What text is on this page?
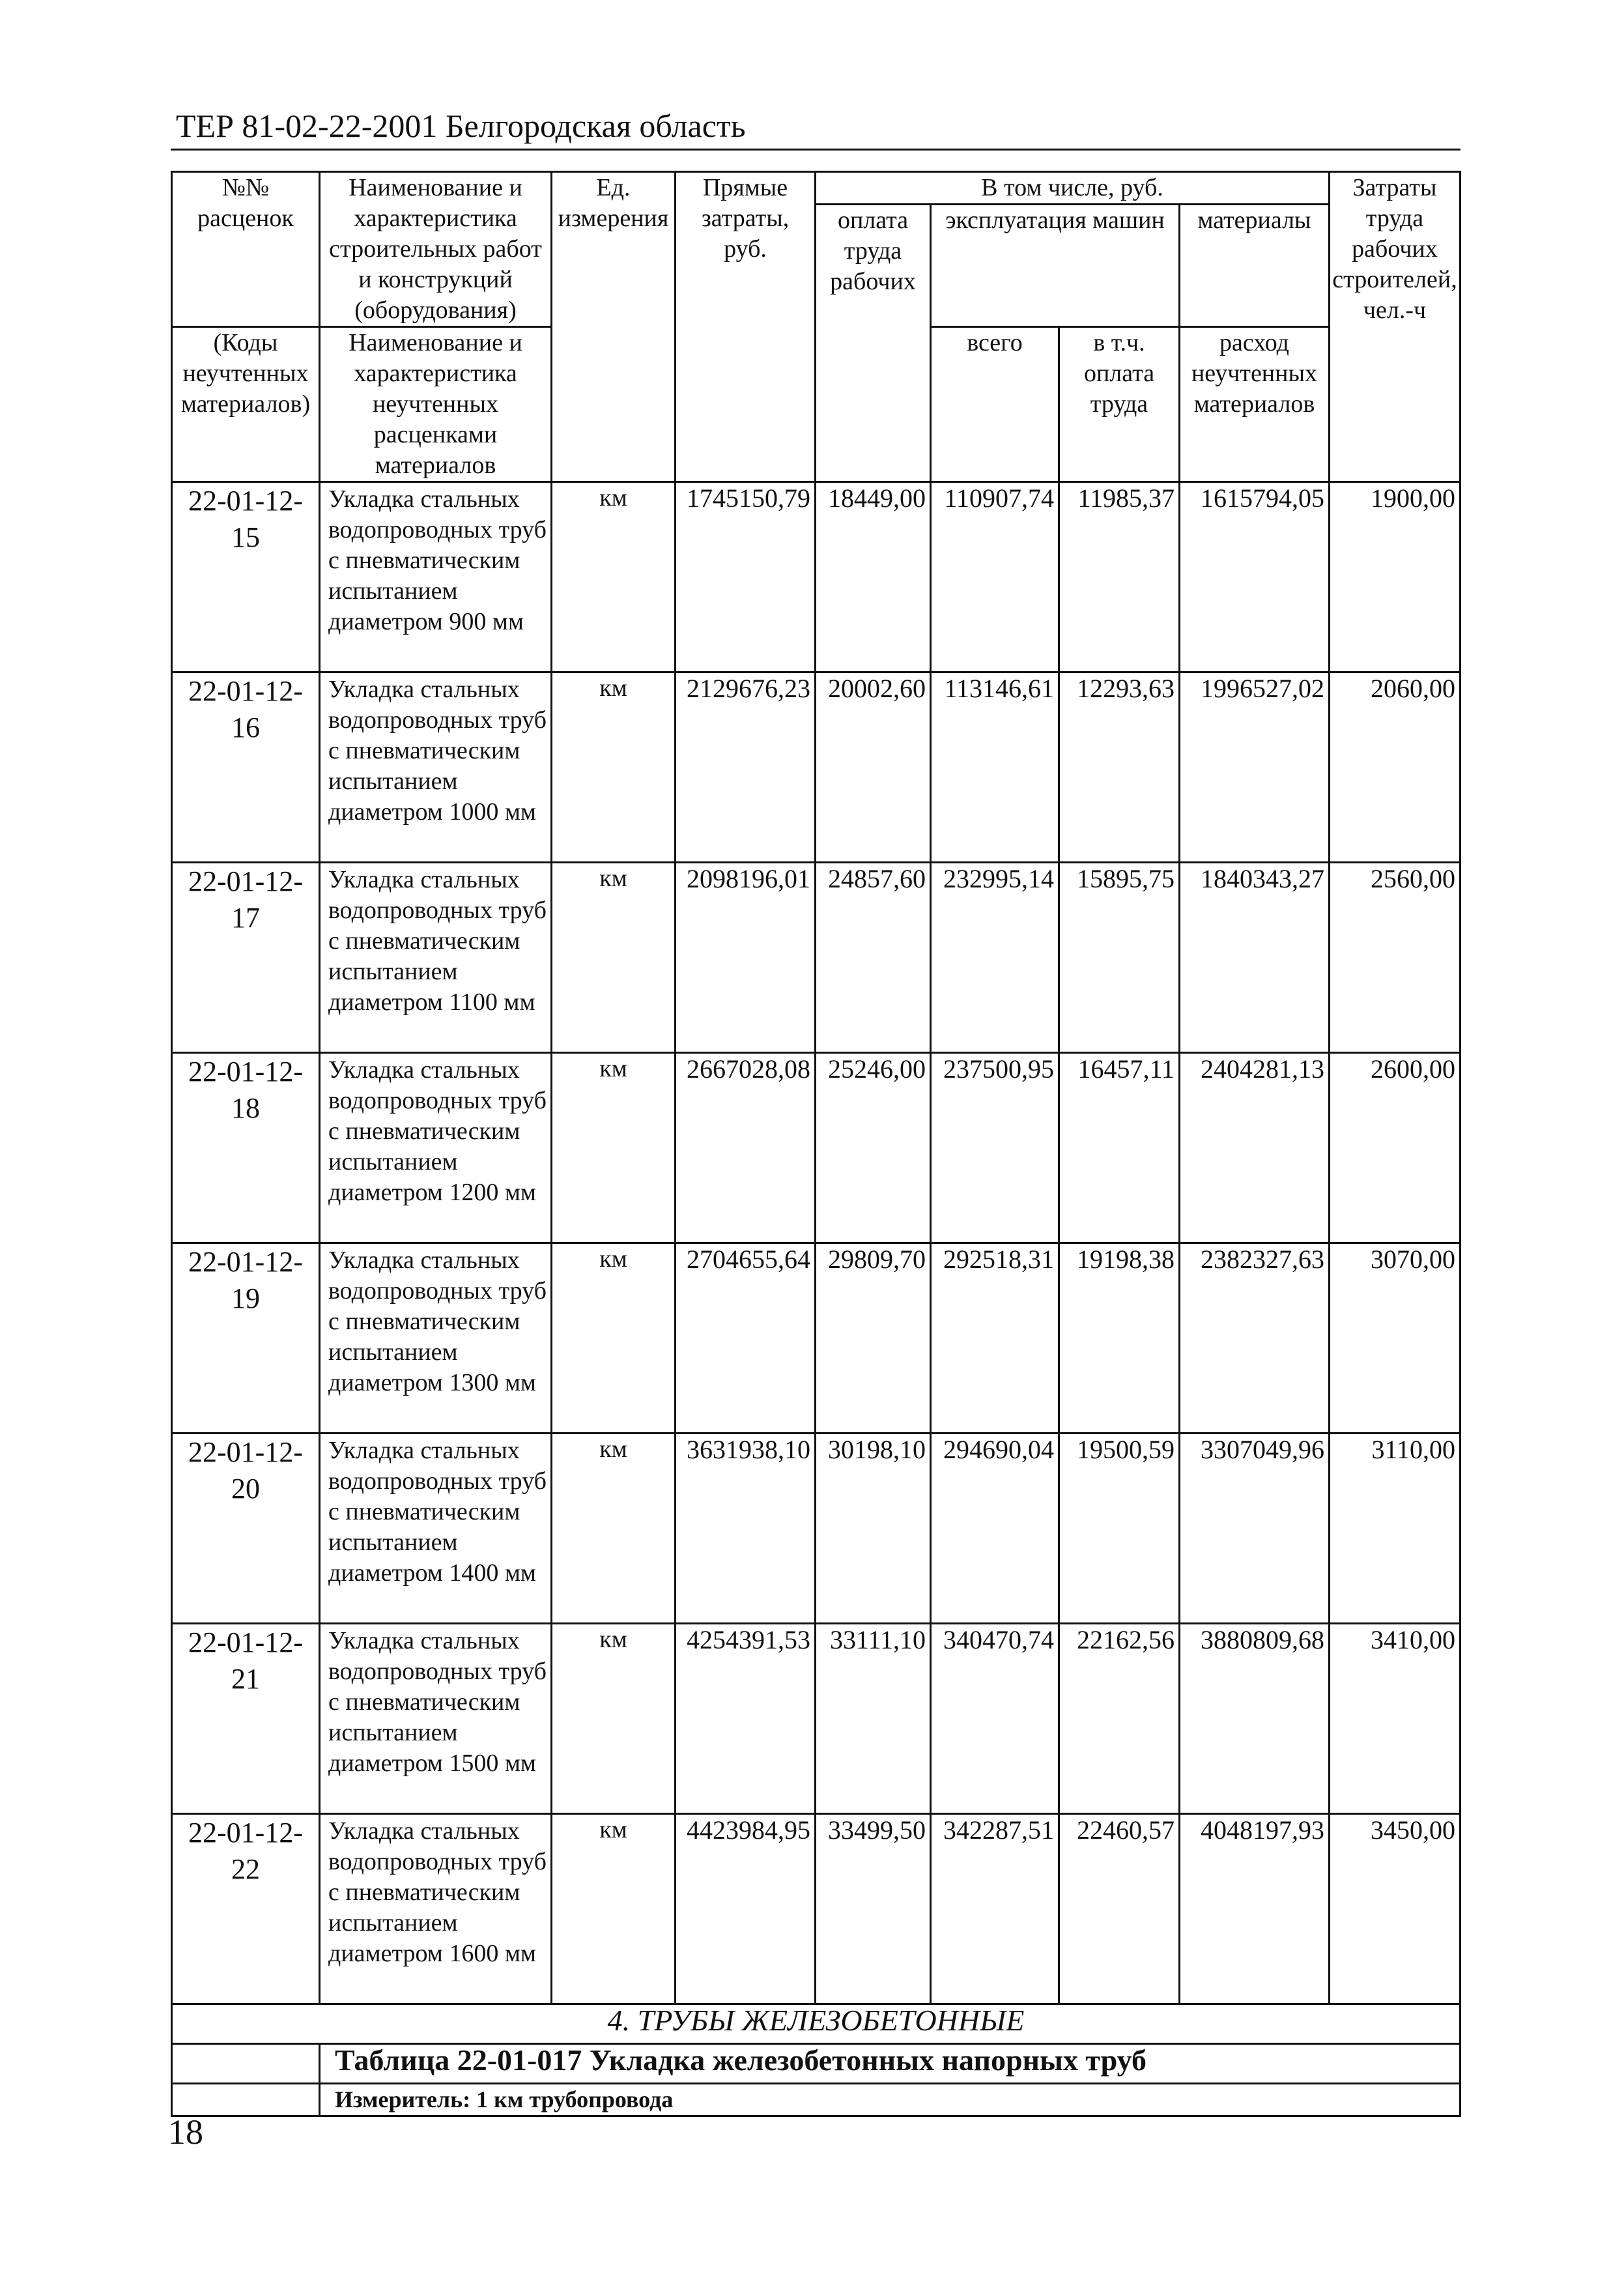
ТЕР 81-02-22-2001 Белгородская область
№№ расценок	Наименование и характеристика строительных работ и конструкций (оборудования)	Ед. измерения	Прямые затраты, руб.	В том числе, руб.				Затраты труда рабочих строителей, чел.-ч
				оплата труда рабочих	эксплуатация машин		материалы	

(Коды неучтенных материалов)	Наименование и характеристика неучтенных расценками материалов				всего	в т.ч. оплата труда	расход неучтенных материалов	

22-01-12-15	Укладка стальных водопроводных труб с пневматическим испытанием диаметром 900 мм	км	1745150,79	18449,00	110907,74	11985,37	1615794,05	1900,00
22-01-12-16	Укладка стальных водопроводных труб с пневматическим испытанием диаметром 1000 мм	км	2129676,23	20002,60	113146,61	12293,63	1996527,02	2060,00
22-01-12-17	Укладка стальных водопроводных труб с пневматическим испытанием диаметром 1100 мм	км	2098196,01	24857,60	232995,14	15895,75	1840343,27	2560,00
22-01-12-18	Укладка стальных водопроводных труб с пневматическим испытанием диаметром 1200 мм	км	2667028,08	25246,00	237500,95	16457,11	2404281,13	2600,00
22-01-12-19	Укладка стальных водопроводных труб с пневматическим испытанием диаметром 1300 мм	км	2704655,64	29809,70	292518,31	19198,38	2382327,63	3070,00
22-01-12-20	Укладка стальных водопроводных труб с пневматическим испытанием диаметром 1400 мм	км	3631938,10	30198,10	294690,04	19500,59	3307049,96	3110,00
22-01-12-21	Укладка стальных водопроводных труб с пневматическим испытанием диаметром 1500 мм	км	4254391,53	33111,10	340470,74	22162,56	3880809,68	3410,00
22-01-12-22	Укладка стальных водопроводных труб с пневматическим испытанием диаметром 1600 мм	км	4423984,95	33499,50	342287,51	22460,57	4048197,93	3450,00
4. ТРУБЫ ЖЕЛЕЗОБЕТОННЫЕ								
	Таблица 22-01-017 Укладка железобетонных напорных труб							
	Измеритель: 1 км трубопровода							
18
